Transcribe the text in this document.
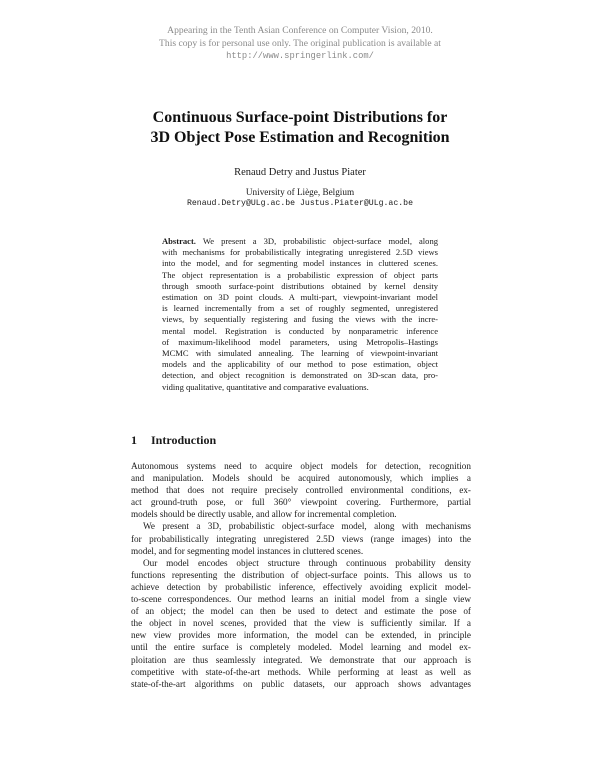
Appearing in the Tenth Asian Conference on Computer Vision, 2010.
This copy is for personal use only. The original publication is available at
http://www.springerlink.com/
Continuous Surface-point Distributions for
3D Object Pose Estimation and Recognition
Renaud Detry and Justus Piater
University of Liège, Belgium
Renaud.Detry@ULg.ac.be Justus.Piater@ULg.ac.be
Abstract. We present a 3D, probabilistic object-surface model, along
with mechanisms for probabilistically integrating unregistered 2.5D views
into the model, and for segmenting model instances in cluttered scenes.
The object representation is a probabilistic expression of object parts
through smooth surface-point distributions obtained by kernel density
estimation on 3D point clouds. A multi-part, viewpoint-invariant model
is learned incrementally from a set of roughly segmented, unregistered
views, by sequentially registering and fusing the views with the incre-
mental model. Registration is conducted by nonparametric inference
of maximum-likelihood model parameters, using Metropolis–Hastings
MCMC with simulated annealing. The learning of viewpoint-invariant
models and the applicability of our method to pose estimation, object
detection, and object recognition is demonstrated on 3D-scan data, pro-
viding qualitative, quantitative and comparative evaluations.
1 Introduction
Autonomous systems need to acquire object models for detection, recognition
and manipulation. Models should be acquired autonomously, which implies a
method that does not require precisely controlled environmental conditions, ex-
act ground-truth pose, or full 360° viewpoint covering. Furthermore, partial
models should be directly usable, and allow for incremental completion.
We present a 3D, probabilistic object-surface model, along with mechanisms
for probabilistically integrating unregistered 2.5D views (range images) into the
model, and for segmenting model instances in cluttered scenes.
Our model encodes object structure through continuous probability density
functions representing the distribution of object-surface points. This allows us to
achieve detection by probabilistic inference, effectively avoiding explicit model-
to-scene correspondences. Our method learns an initial model from a single view
of an object; the model can then be used to detect and estimate the pose of
the object in novel scenes, provided that the view is sufficiently similar. If a
new view provides more information, the model can be extended, in principle
until the entire surface is completely modeled. Model learning and model ex-
ploitation are thus seamlessly integrated. We demonstrate that our approach is
competitive with state-of-the-art methods. While performing at least as well as
state-of-the-art algorithms on public datasets, our approach shows advantages
